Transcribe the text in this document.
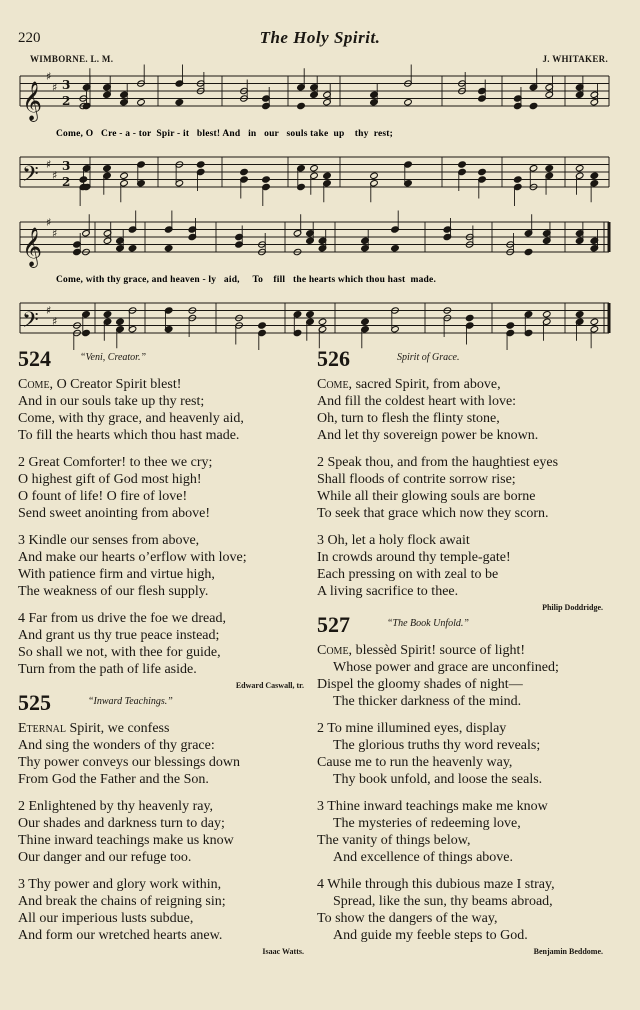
220	The Holy Spirit.
WIMBORNE. L. M.	J. WHITAKER.
𝄞
♯
♯ 3
2
𝄢 ♯
♯
3
2
𝄞
♯
♯
𝄢 ♯
♯
Come, O   Cre - a - tor  Spir - it   blest! And   in   our   souls take  up    thy  rest;
Come, with thy grace, and heaven - ly   aid,     To    fill   the hearts which thou hast  made.
524	“Veni, Creator.”
Come, O Creator Spirit blest!
And in our souls take up thy rest;
Come, with thy grace, and heavenly aid,
To fill the hearts which thou hast made.
2 Great Comforter! to thee we cry;
O highest gift of God most high!
O fount of life! O fire of love!
Send sweet anointing from above!
3 Kindle our senses from above,
And make our hearts o’erflow with love;
With patience firm and virtue high,
The weakness of our flesh supply.
4 Far from us drive the foe we dread,
And grant us thy true peace instead;
So shall we not, with thee for guide,
Turn from the path of life aside.
Edward Caswall, tr.
525	“Inward Teachings.”
Eternal Spirit, we confess
And sing the wonders of thy grace:
Thy power conveys our blessings down
From God the Father and the Son.
2 Enlightened by thy heavenly ray,
Our shades and darkness turn to day;
Thine inward teachings make us know
Our danger and our refuge too.
3 Thy power and glory work within,
And break the chains of reigning sin;
All our imperious lusts subdue,
And form our wretched hearts anew.
Isaac Watts.
526	Spirit of Grace.
Come, sacred Spirit, from above,
And fill the coldest heart with love:
Oh, turn to flesh the flinty stone,
And let thy sovereign power be known.
2 Speak thou, and from the haughtiest eyes
Shall floods of contrite sorrow rise;
While all their glowing souls are borne
To seek that grace which now they scorn.
3 Oh, let a holy flock await
In crowds around thy temple-gate!
Each pressing on with zeal to be
A living sacrifice to thee.
Philip Doddridge.
527	“The Book Unfold.”
Come, blessèd Spirit! source of light!
Whose power and grace are unconfined;
Dispel the gloomy shades of night—
The thicker darkness of the mind.
2 To mine illumined eyes, display
The glorious truths thy word reveals;
Cause me to run the heavenly way,
Thy book unfold, and loose the seals.
3 Thine inward teachings make me know
The mysteries of redeeming love,
The vanity of things below,
And excellence of things above.
4 While through this dubious maze I stray,
Spread, like the sun, thy beams abroad,
To show the dangers of the way,
And guide my feeble steps to God.
Benjamin Beddome.
